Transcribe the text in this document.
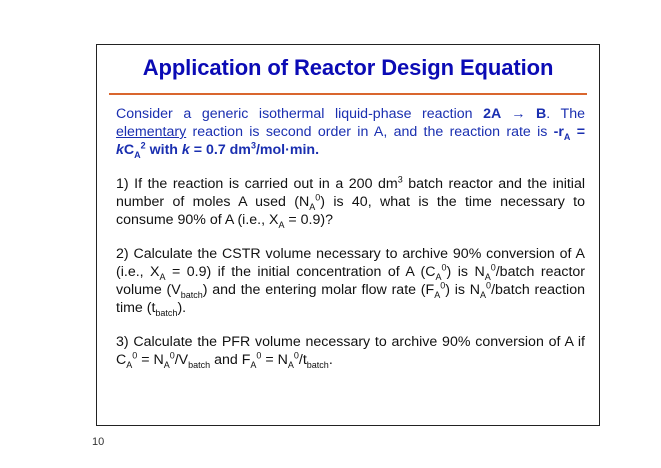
Application of Reactor Design Equation

Consider a generic isothermal liquid-phase reaction 2A → B. The elementary reaction is second order in A, and the reaction rate is $-r_A = kC_A^2$ with k = 0.7 $dm^3/mol\cdot\min$.

1) If the reaction is carried out in a 200 $dm^3$ batch reactor and the initial number of moles A used $(N_A^0)$ is 40, what is the time necessary to consume 90% of A (i.e., $X_A = 0.9$)?

2) Calculate the CSTR volume necessary to archive 90% conversion of A (i.e., $X_A = 0.9$) if the initial concentration of A $(C_A^0)$ is $N_A^0$/batch reactor volume $(V_{batch})$ and the entering molar flow rate $(F_A^0)$ is $N_A^0$/batch reaction time $(t_{batch})$.

3) Calculate the PFR volume necessary to archive 90% conversion of A if $C_A^0 = N_A^0/V_{batch}$ and $F_A^0 = N_A^0/t_{batch}$.

10
